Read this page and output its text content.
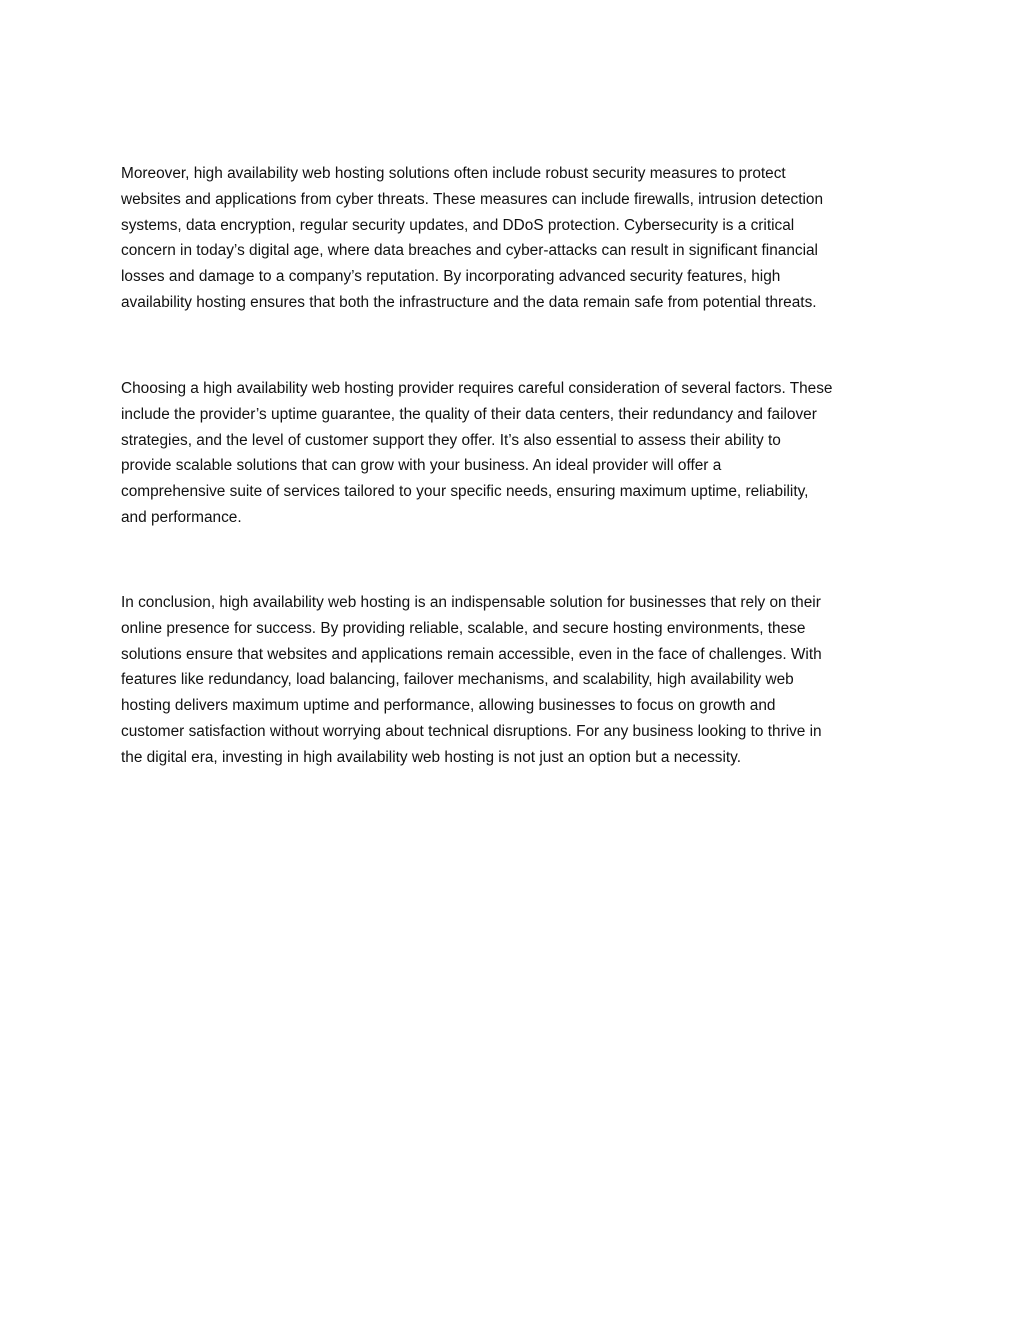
Moreover, high availability web hosting solutions often include robust security measures to protect
websites and applications from cyber threats. These measures can include firewalls, intrusion detection
systems, data encryption, regular security updates, and DDoS protection. Cybersecurity is a critical
concern in today’s digital age, where data breaches and cyber-attacks can result in significant financial
losses and damage to a company’s reputation. By incorporating advanced security features, high
availability hosting ensures that both the infrastructure and the data remain safe from potential threats.
Choosing a high availability web hosting provider requires careful consideration of several factors. These
include the provider’s uptime guarantee, the quality of their data centers, their redundancy and failover
strategies, and the level of customer support they offer. It’s also essential to assess their ability to
provide scalable solutions that can grow with your business. An ideal provider will offer a
comprehensive suite of services tailored to your specific needs, ensuring maximum uptime, reliability,
and performance.
In conclusion, high availability web hosting is an indispensable solution for businesses that rely on their
online presence for success. By providing reliable, scalable, and secure hosting environments, these
solutions ensure that websites and applications remain accessible, even in the face of challenges. With
features like redundancy, load balancing, failover mechanisms, and scalability, high availability web
hosting delivers maximum uptime and performance, allowing businesses to focus on growth and
customer satisfaction without worrying about technical disruptions. For any business looking to thrive in
the digital era, investing in high availability web hosting is not just an option but a necessity.
